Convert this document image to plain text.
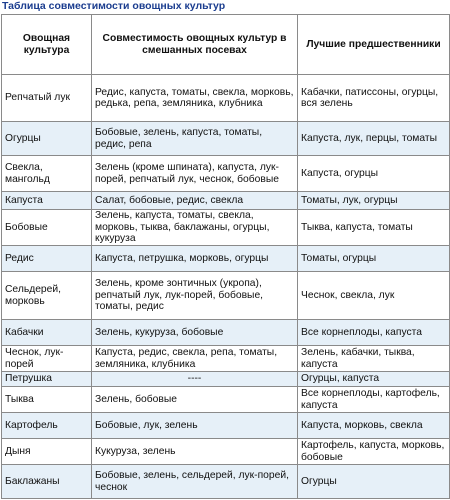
Таблица совместимости овощных культур
Овощная культура	Совместимость овощных культур в смешанных посевах	Лучшие предшественники
Репчатый лук	Редис, капуста, томаты, свекла, морковь, редька, репа, земляника, клубника	Кабачки, патиссоны, огурцы, вся зелень
Огурцы	Бобовые, зелень, капуста, томаты, редис, репа	Капуста, лук, перцы, томаты
Свекла, мангольд	Зелень (кроме шпината), капуста, лук-порей, репчатый лук, чеснок, бобовые	Капуста, огурцы
Капуста	Салат, бобовые, редис, свекла	Томаты, лук, огурцы
Бобовые	Зелень, капуста, томаты, свекла, морковь, тыква, баклажаны, огурцы, кукуруза	Тыква, капуста, томаты
Редис	Капуста, петрушка, морковь, огурцы	Томаты, огурцы
Сельдерей, морковь	Зелень, кроме зонтичных (укропа), репчатый лук, лук-порей, бобовые, томаты, редис	Чеснок, свекла, лук
Кабачки	Зелень, кукуруза, бобовые	Все корнеплоды, капуста
Чеснок, лук-порей	Капуста, редис, свекла, репа, томаты, земляника, клубника	Зелень, кабачки, тыква, капуста
Петрушка	----	Огурцы, капуста
Тыква	Зелень, бобовые	Все корнеплоды, картофель, капуста
Картофель	Бобовые, лук, зелень	Капуста, морковь, свекла
Дыня	Кукуруза, зелень	Картофель, капуста, морковь, бобовые
Баклажаны	Бобовые, зелень, сельдерей, лук-порей, чеснок	Огурцы
